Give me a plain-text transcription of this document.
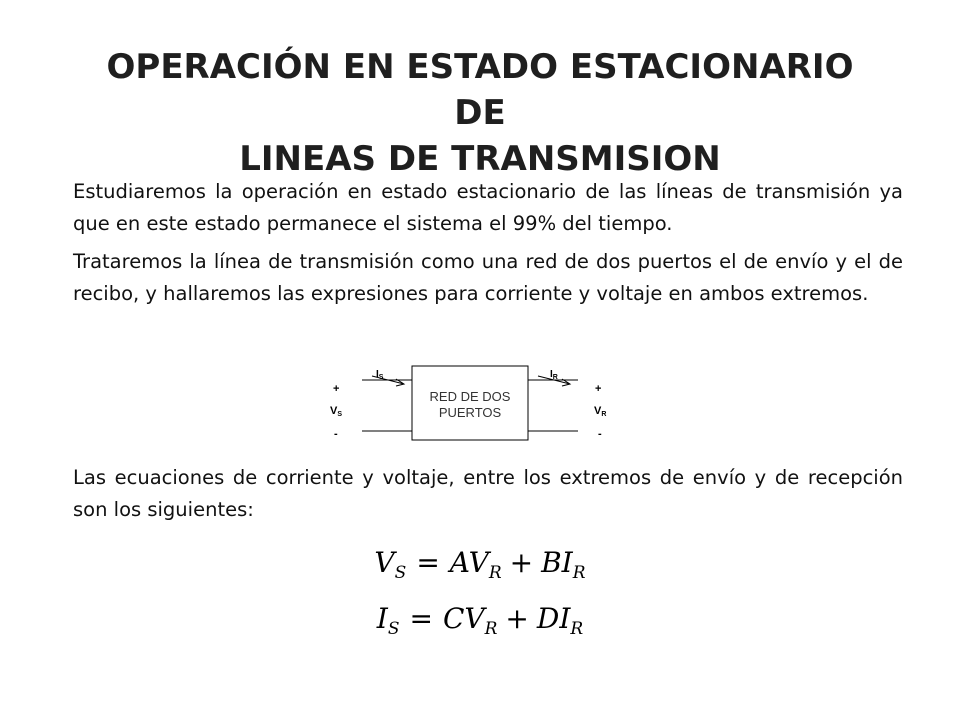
OPERACIÓN EN ESTADO ESTACIONARIO DE
LINEAS DE TRANSMISION
Estudiaremos la operación en estado estacionario de las líneas de transmisión ya que en este estado permanece el sistema el 99% del tiempo.
Trataremos la línea de transmisión como una red de dos puertos el de envío y el de recibo, y hallaremos las expresiones para corriente y voltaje en ambos extremos.
RED DE DOS
PUERTOS
$I_S$	$I_R$
+
VS
-
+
VR
-
Las ecuaciones de corriente y voltaje, entre los extremos de envío y de recepción son los siguientes:
$V_S = AV_R + BI_R$
$I_S = CV_R + DI_R$
